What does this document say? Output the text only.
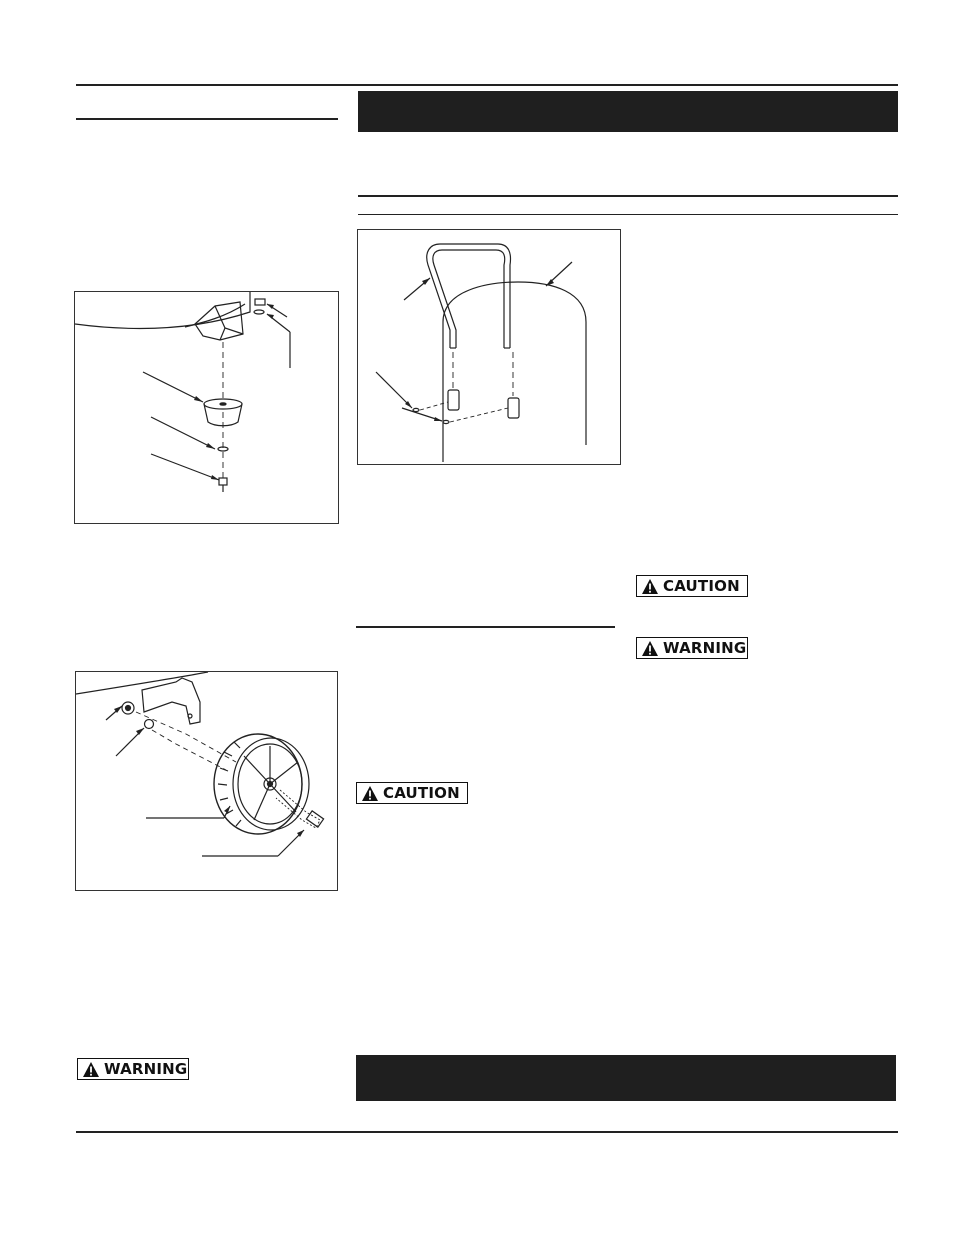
CAUTION
WARNING
CAUTION
WARNING
